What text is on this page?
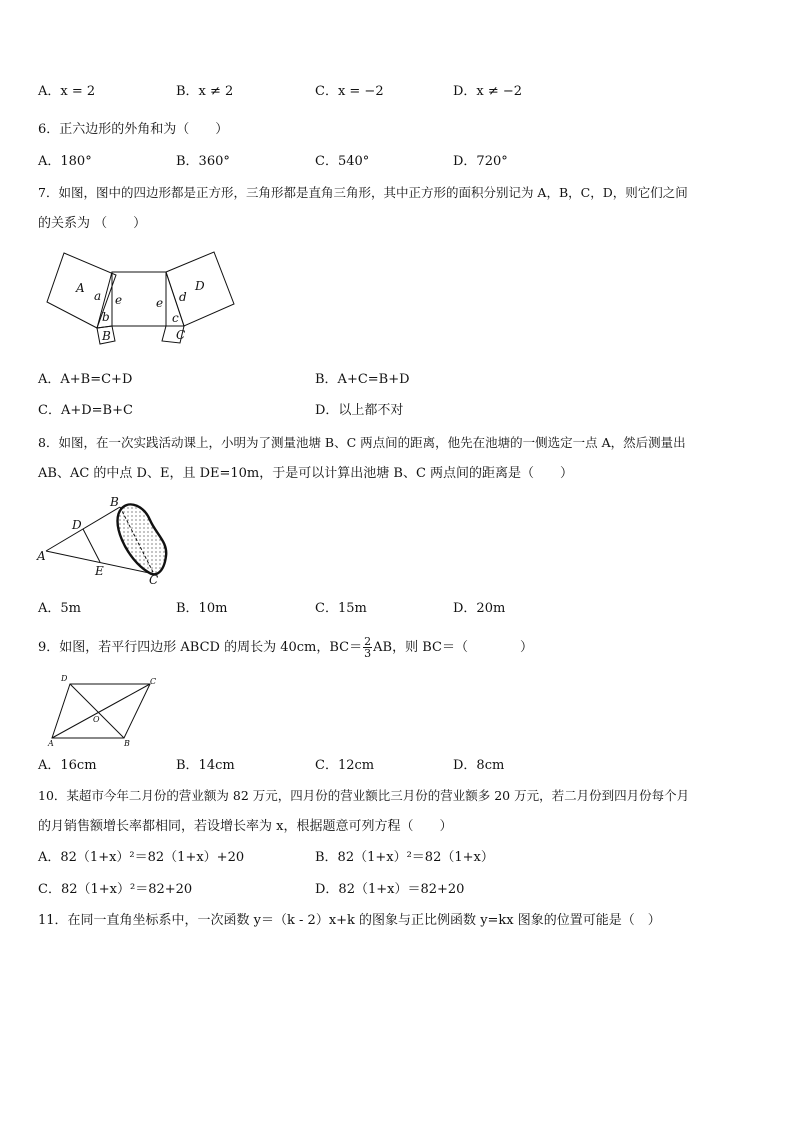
A．x = 2	B．x ≠ 2	C．x = −2	D．x ≠ −2
6．正六边形的外角和为（　　）
A．180°	B．360°	C．540°	D．720°
7．如图，图中的四边形都是正方形，三角形都是直角三角形，其中正方形的面积分别记为 A，B，C，D，则它们之间
的关系为 （　　）
A
a
b
B
e	e d
D
c
C
A．A+B=C+D	B．A+C=B+D
C．A+D=B+C	D．以上都不对
8．如图，在一次实践活动课上，小明为了测量池塘 B、C 两点间的距离，他先在池塘的一侧选定一点 A，然后测量出
AB、AC 的中点 D、E，且 DE=10m，于是可以计算出池塘 B、C 两点间的距离是（　　）
B
D
A
E
C
A．5m	B．10m	C．15m	D．20m
9．如图，若平行四边形 ABCD 的周长为 40cm，$BC= \frac{2}{3}$ AB，则 BC＝（　　　　）
D	C
O
A	B
A．16cm	B．14cm	C．12cm	D．8cm
10．某超市今年二月份的营业额为 82 万元，四月份的营业额比三月份的营业额多 20 万元，若二月份到四月份每个月
的月销售额增长率都相同，若设增长率为 x，根据题意可列方程（　　）
A．82（1+x）²＝82（1+x）+20	B．82（1+x）²＝82（1+x）
C．82（1+x）²＝82+20	D．82（1+x）＝82+20
11．在同一直角坐标系中，一次函数 y＝（k - 2）x+k 的图象与正比例函数 y=kx 图象的位置可能是（　）
